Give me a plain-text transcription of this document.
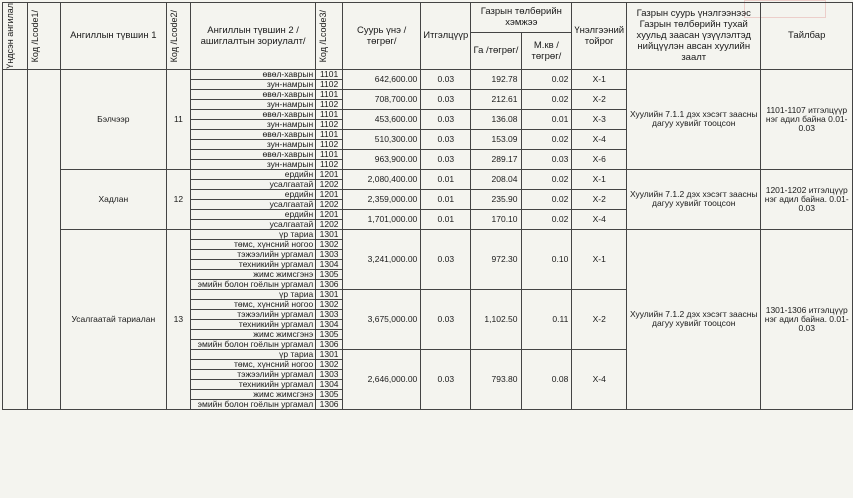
Үндсэн ангилал	Код /Lcode1/	Ангиллын түвшин 1	Код /Lcode2/	Ангиллын түвшин 2 /ашиглалтын зориулалт/	Код /Lcode3/	Суурь үнэ /төгрөг/	Итгэлцүүр	Газрын төлбөрийн хэмжээ		Үнэлгээний тойрог	Газрын суурь үнэлгээнээс Газрын төлбөрийн тухай хуульд заасан үзүүлэлтэд нийцүүлэн авсан хуулийн заалт	Тайлбар
								Га /төгрөг/	М.кв /төгрөг/			
		Бэлчээр	11	өвөл-хаврын	1101	642,600.00	0.03	192.78	0.02	Х-1	Хуулийн 7.1.1 дэх хэсэгт заасны дагуу хувийг тооцсон	1101-1107 итгэлцүүр нэг адил байна 0.01-0.03
				зун-намрын	1102							
				өвөл-хаврын	1101	708,700.00	0.03	212.61	0.02	Х-2		
				зун-намрын	1102							
				өвөл-хаврын	1101	453,600.00	0.03	136.08	0.01	Х-3		
				зун-намрын	1102							
				өвөл-хаврын	1101	510,300.00	0.03	153.09	0.02	Х-4		
				зун-намрын	1102							
				өвөл-хаврын	1101	963,900.00	0.03	289.17	0.03	Х-6		
				зун-намрын	1102							
		Хадлан	12	ердийн	1201	2,080,400.00	0.01	208.04	0.02	Х-1	Хуулийн 7.1.2 дэх хэсэгт заасны дагуу хувийг тооцсон	1201-1202 итгэлцүүр нэг адил байна. 0.01-0.03
				усалгаатай	1202							
				ердийн	1201	2,359,000.00	0.01	235.90	0.02	Х-2		
				усалгаатай	1202							
				ердийн	1201	1,701,000.00	0.01	170.10	0.02	Х-4		
				усалгаатай	1202							
		Усалгаатай тариалан	13	үр тариа	1301	3,241,000.00	0.03	972.30	0.10	Х-1	Хуулийн 7.1.2 дэх хэсэгт заасны дагуу хувийг тооцсон	1301-1306 итгэлцүүр нэг адил байна. 0.01-0.03
				төмс, хүнсний ногоо	1302							
				тэжээлийн ургамал	1303							
				техникийн ургамал	1304							
				жимс жимсгэнэ	1305							
				эмийн болон гоёлын ургамал	1306							
				үр тариа	1301	3,675,000.00	0.03	1,102.50	0.11	Х-2		
				төмс, хүнсний ногоо	1302							
				тэжээлийн ургамал	1303							
				техникийн ургамал	1304							
				жимс жимсгэнэ	1305							
				эмийн болон гоёлын ургамал	1306							
				үр тариа	1301	2,646,000.00	0.03	793.80	0.08	Х-4		
				төмс, хүнсний ногоо	1302							
				тэжээлийн ургамал	1303							
				техникийн ургамал	1304							
				жимс жимсгэнэ	1305							
				эмийн болон гоёлын ургамал	1306							
